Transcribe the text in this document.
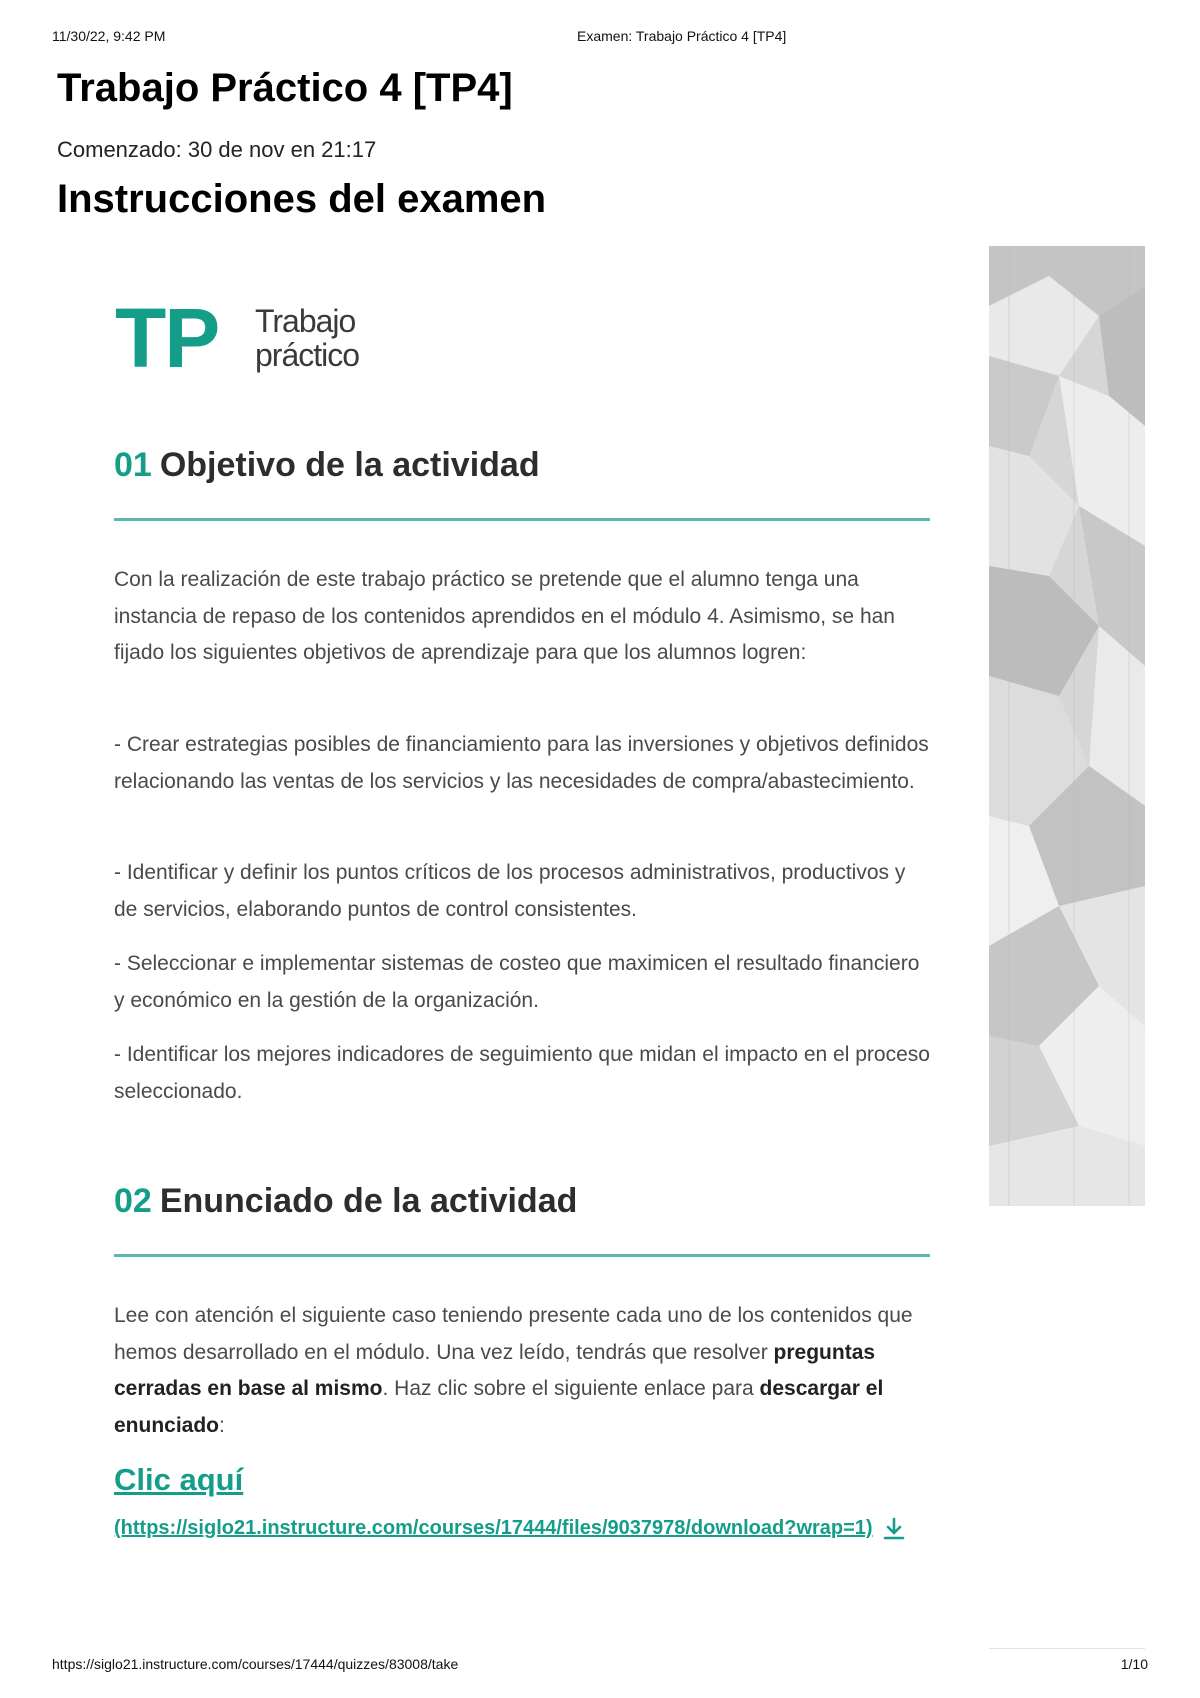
11/30/22, 9:42 PM	Examen: Trabajo Práctico 4 [TP4]
Trabajo Práctico 4 [TP4]
Comenzado: 30 de nov en 21:17
Instrucciones del examen
TP Trabajo
práctico
01 Objetivo de la actividad

Con la realización de este trabajo práctico se pretende que el alumno tenga una instancia de repaso de los contenidos aprendidos en el módulo 4. Asimismo, se han fijado los siguientes objetivos de aprendizaje para que los alumnos logren:

- Crear estrategias posibles de financiamiento para las inversiones y objetivos definidos relacionando las ventas de los servicios y las necesidades de compra/abastecimiento.

- Identificar y definir los puntos críticos de los procesos administrativos, productivos y de servicios, elaborando puntos de control consistentes.

- Seleccionar e implementar sistemas de costeo que maximicen el resultado financiero y económico en la gestión de la organización.

- Identificar los mejores indicadores de seguimiento que midan el impacto en el proceso seleccionado.

02 Enunciado de la actividad

Lee con atención el siguiente caso teniendo presente cada uno de los contenidos que hemos desarrollado en el módulo. Una vez leído, tendrás que resolver preguntas cerradas en base al mismo. Haz clic sobre el siguiente enlace para descargar el enunciado:

Clic aquí
(https://siglo21.instructure.com/courses/17444/files/9037978/download?wrap=1)
https://siglo21.instructure.com/courses/17444/quizzes/83008/take	1/10
